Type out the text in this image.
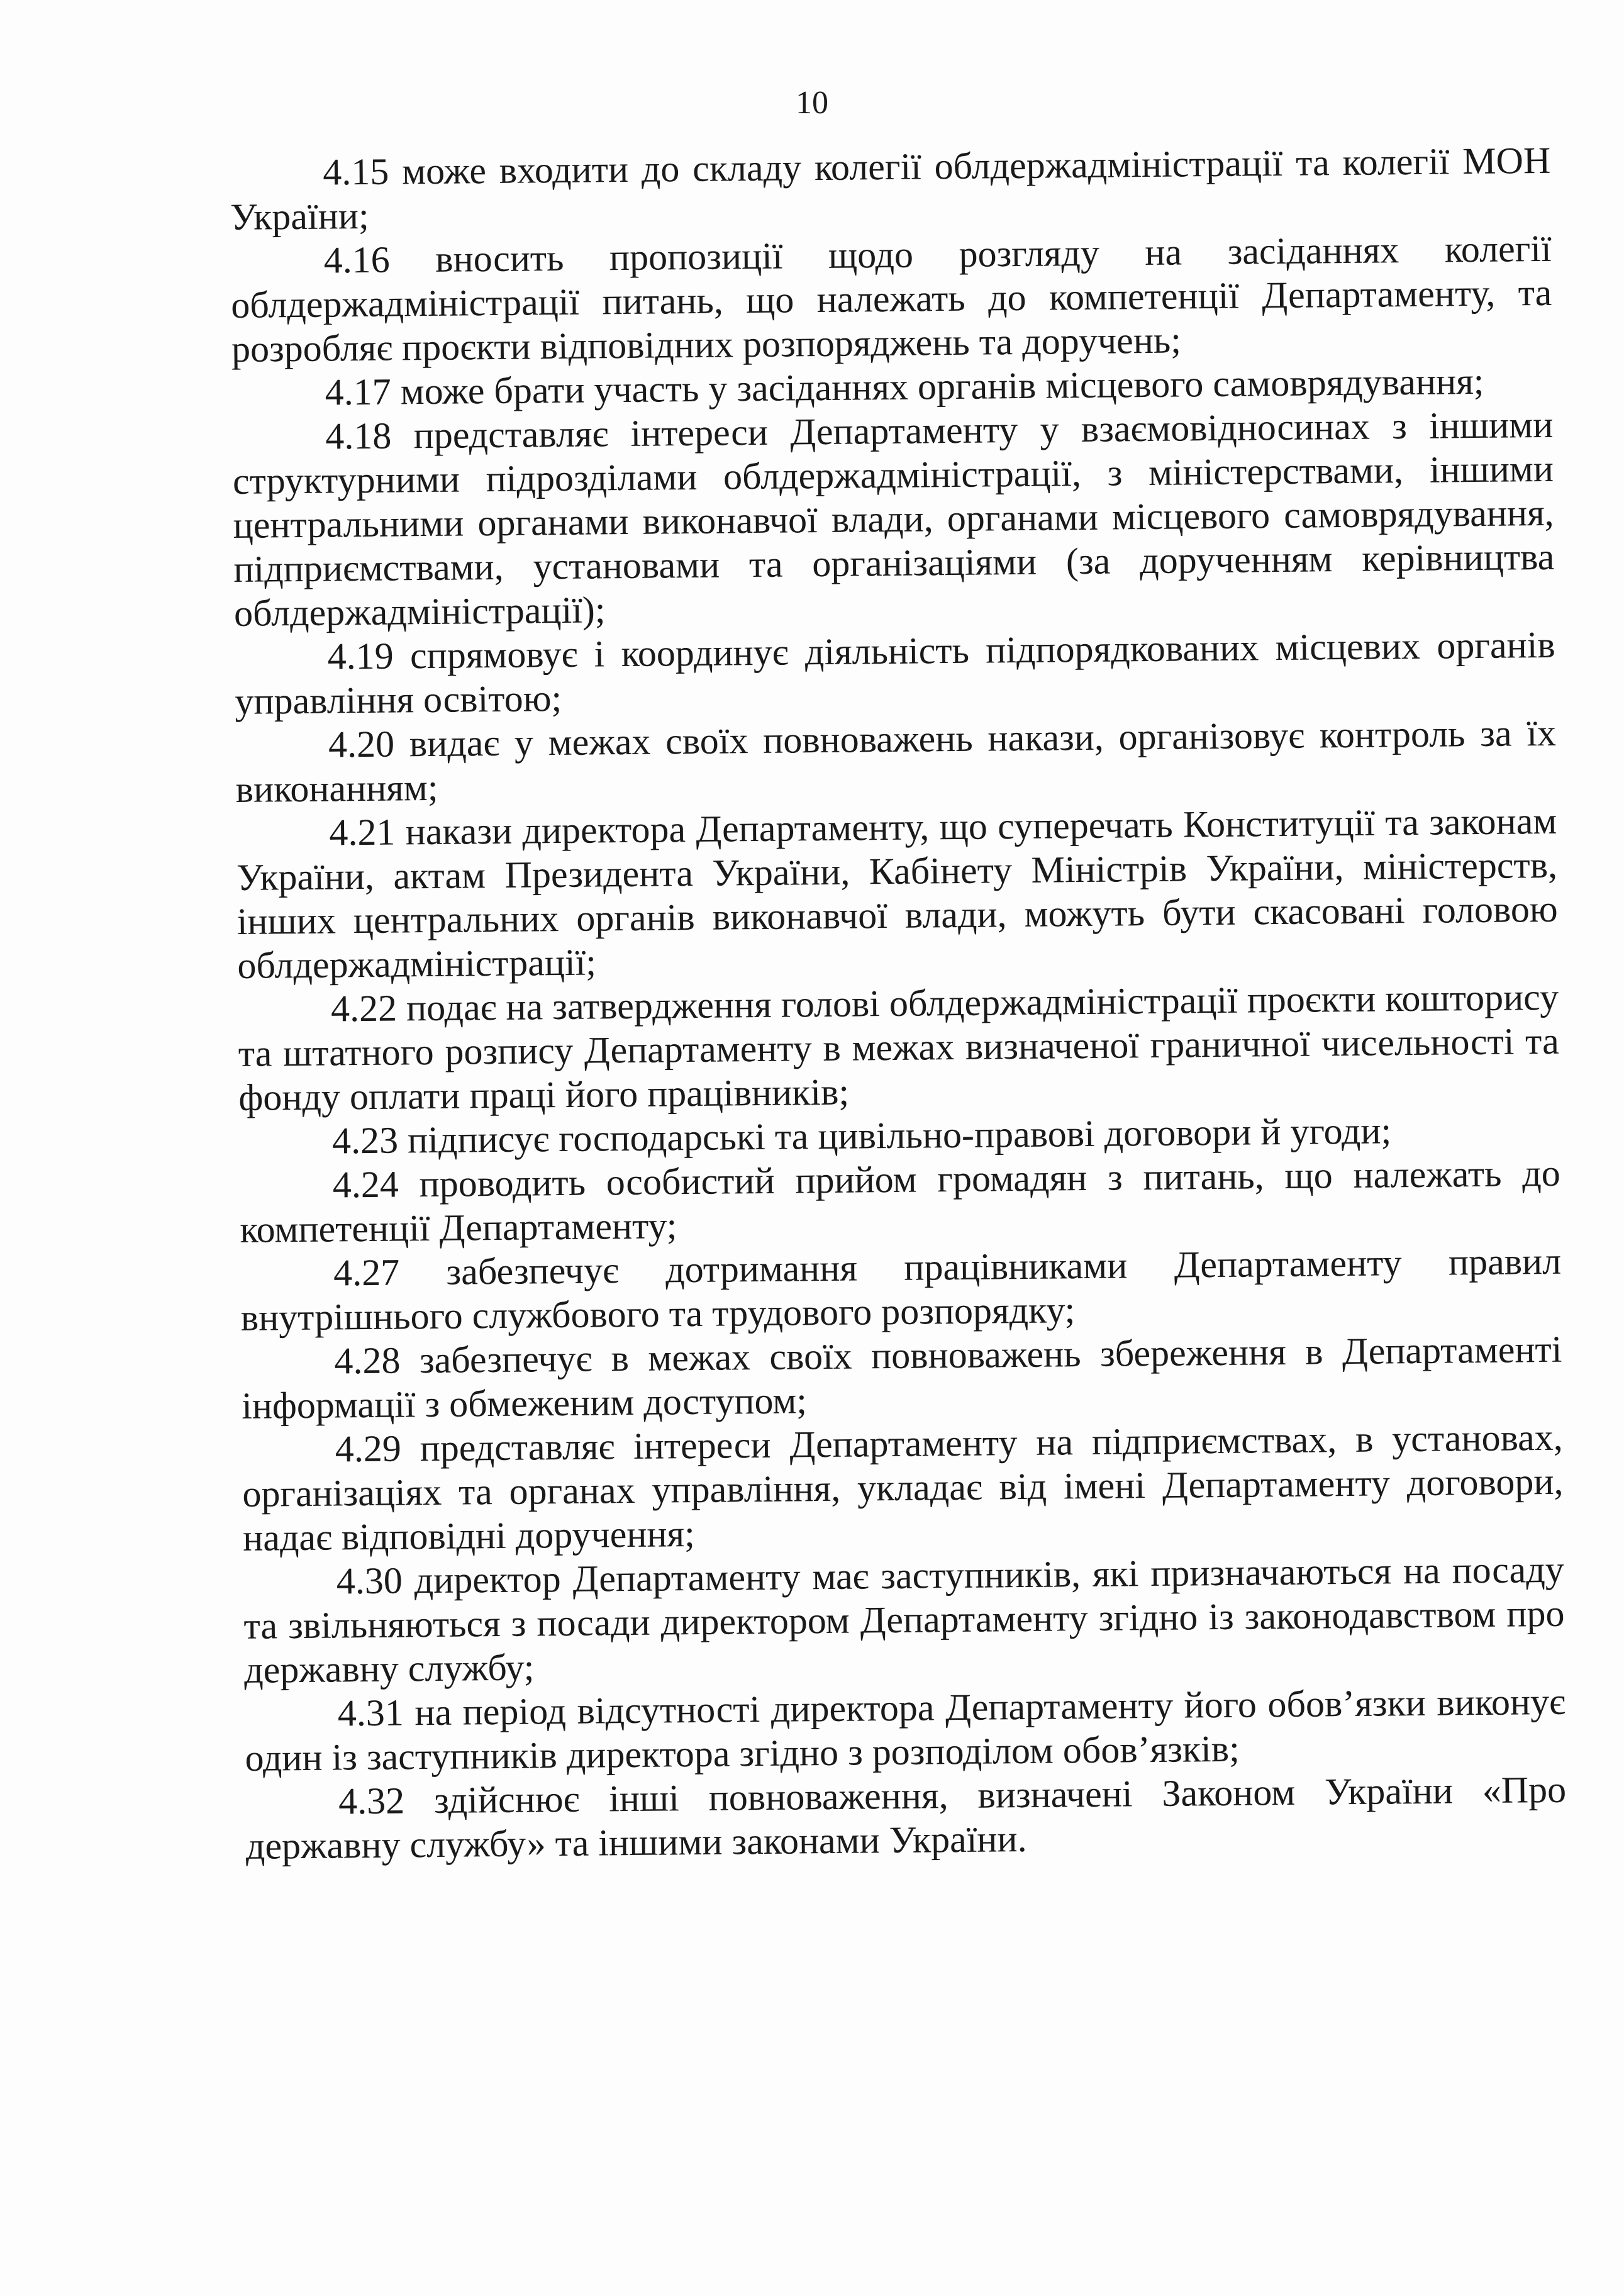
10

4.15 може входити до складу колегії облдержадміністрації та колегії МОН України;

4.16 вносить пропозиції щодо розгляду на засіданнях колегії облдержадміністрації питань, що належать до компетенції Департаменту, та розробляє проєкти відповідних розпоряджень та доручень;

4.17 може брати участь у засіданнях органів місцевого самоврядування;

4.18 представляє інтереси Департаменту у взаємовідносинах з іншими структурними підрозділами облдержадміністрації, з міністерствами, іншими центральними органами виконавчої влади, органами місцевого самоврядування, підприємствами, установами та організаціями (за дорученням керівництва облдержадміністрації);

4.19 спрямовує і координує діяльність підпорядкованих місцевих органів управління освітою;

4.20 видає у межах своїх повноважень накази, організовує контроль за їх виконанням;

4.21 накази директора Департаменту, що суперечать Конституції та законам України, актам Президента України, Кабінету Міністрів України, міністерств, інших центральних органів виконавчої влади, можуть бути скасовані головою облдержадміністрації;

4.22 подає на затвердження голові облдержадміністрації проєкти кошторису та штатного розпису Департаменту в межах визначеної граничної чисельності та фонду оплати праці його працівників;

4.23 підписує господарські та цивільно-правові договори й угоди;

4.24 проводить особистий прийом громадян з питань, що належать до компетенції Департаменту;

4.27 забезпечує дотримання працівниками Департаменту правил внутрішнього службового та трудового розпорядку;

4.28 забезпечує в межах своїх повноважень збереження в Департаменті інформації з обмеженим доступом;

4.29 представляє інтереси Департаменту на підприємствах, в установах, організаціях та органах управління, укладає від імені Департаменту договори, надає відповідні доручення;

4.30 директор Департаменту має заступників, які призначаються на посаду та звільняються з посади директором Департаменту згідно із законодавством про державну службу;

4.31 на період відсутності директора Департаменту його обов’язки виконує один із заступників директора згідно з розподілом обов’язків;

4.32 здійснює інші повноваження, визначені Законом України «Про державну службу» та іншими законами України.
